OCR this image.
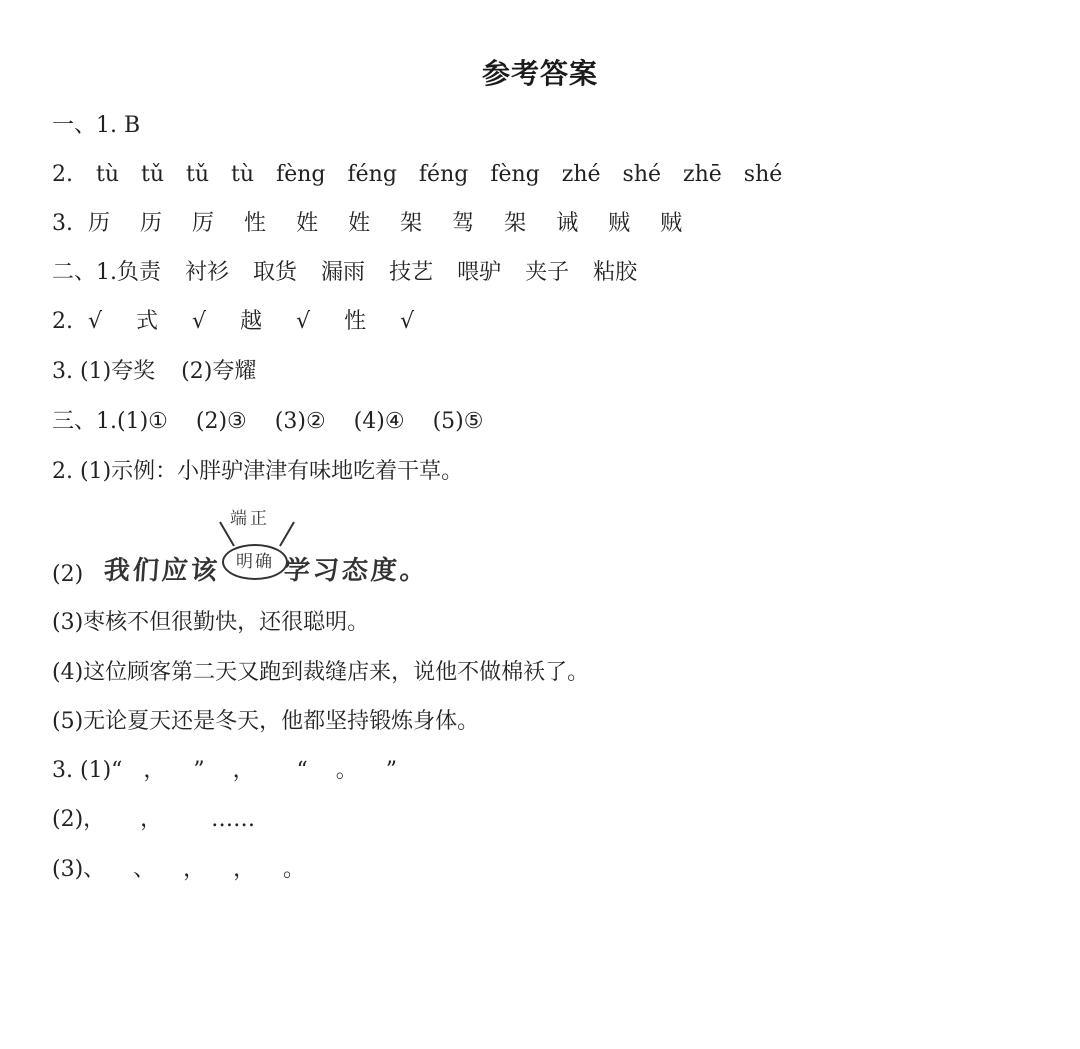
参考答案
一、1. B
2. tù tǔ tǔ tù fèng féng féng fèng zhé shé zhē shé
3. 历 历 厉 性 姓 姓 架 驾 架 诫 贼 贼
二、1.负责 衬衫 取货 漏雨 技艺 喂驴 夹子 粘胶
2. √ 式 √ 越 √ 性 √
3. (1)夸奖 (2)夸耀
三、1.(1)① (2)③ (3)② (4)④ (5)⑤
2. (1)示例：小胖驴津津有味地吃着干草。
(2) 我们应该
端正
明确 学习态度。
(3)枣核不但很勤快，还很聪明。
(4)这位顾客第二天又跑到裁缝店来，说他不做棉袄了。
(5)无论夏天还是冬天，他都坚持锻炼身体。
3. (1)“   ，    ”    ，      “    。    ”
(2)，     ，       ……
(3)、    、    ，    ，    。
